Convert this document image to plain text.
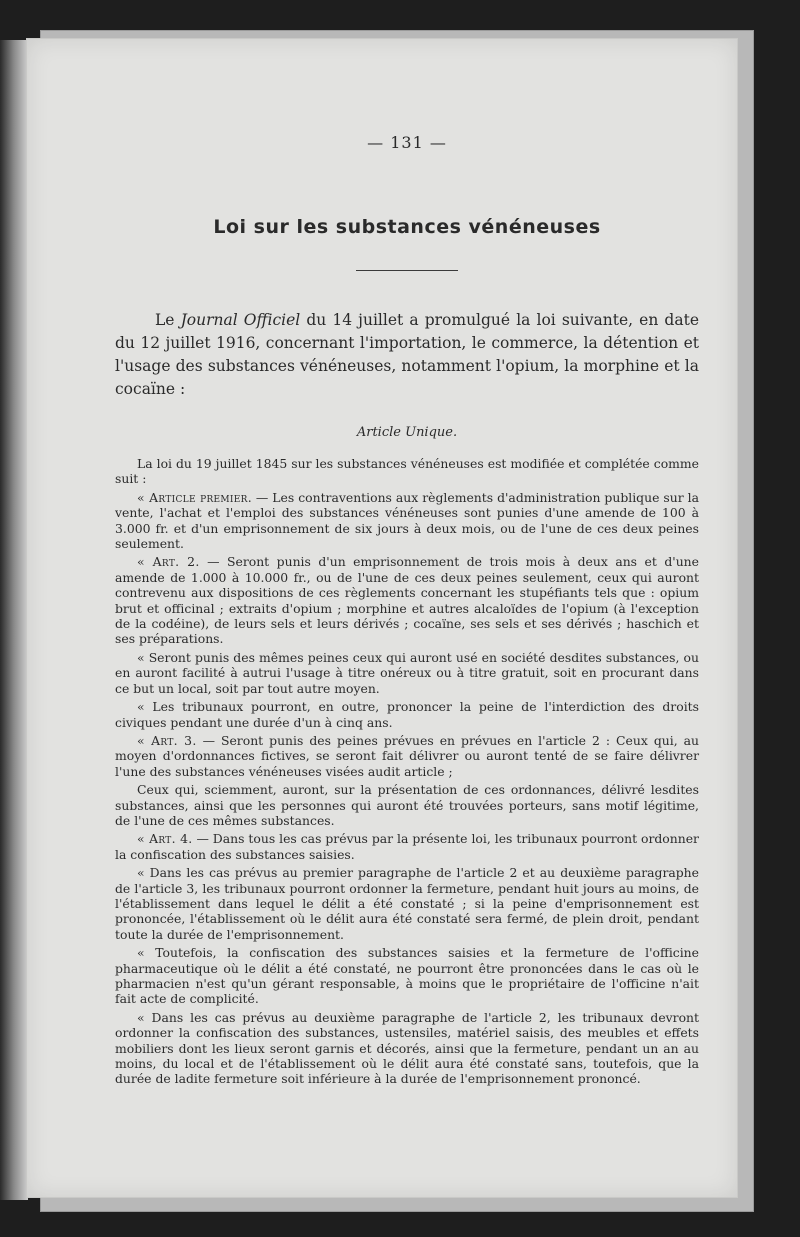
— 131 —
Loi sur les substances vénéneuses

Le Journal Officiel du 14 juillet a promulgué la loi suivante, en date du 12 juillet 1916, concernant l'importation, le commerce, la détention et l'usage des substances vénéneuses, notamment l'opium, la morphine et la cocaïne :

Article Unique.

La loi du 19 juillet 1845 sur les substances vénéneuses est modifiée et complétée comme suit :

« Article premier. — Les contraventions aux règlements d'administration publique sur la vente, l'achat et l'emploi des substances vénéneuses sont punies d'une amende de 100 à 3.000 fr. et d'un emprisonnement de six jours à deux mois, ou de l'une de ces deux peines seulement.

« Art. 2. — Seront punis d'un emprisonnement de trois mois à deux ans et d'une amende de 1.000 à 10.000 fr., ou de l'une de ces deux peines seulement, ceux qui auront contrevenu aux dispositions de ces règlements concernant les stupéfiants tels que : opium brut et officinal ; extraits d'opium ; morphine et autres alcaloïdes de l'opium (à l'exception de la codéine), de leurs sels et leurs dérivés ; cocaïne, ses sels et ses dérivés ; haschich et ses préparations.

« Seront punis des mêmes peines ceux qui auront usé en société desdites substances, ou en auront facilité à autrui l'usage à titre onéreux ou à titre gratuit, soit en procurant dans ce but un local, soit par tout autre moyen.

« Les tribunaux pourront, en outre, prononcer la peine de l'interdiction des droits civiques pendant une durée d'un à cinq ans.

« Art. 3. — Seront punis des peines prévues en prévues en l'article 2 : Ceux qui, au moyen d'ordonnances fictives, se seront fait délivrer ou auront tenté de se faire délivrer l'une des substances vénéneuses visées audit article ;

Ceux qui, sciemment, auront, sur la présentation de ces ordonnances, délivré lesdites substances, ainsi que les personnes qui auront été trouvées porteurs, sans motif légitime, de l'une de ces mêmes substances.

« Art. 4. — Dans tous les cas prévus par la présente loi, les tribunaux pourront ordonner la confiscation des substances saisies.

« Dans les cas prévus au premier paragraphe de l'article 2 et au deuxième paragraphe de l'article 3, les tribunaux pourront ordonner la fermeture, pendant huit jours au moins, de l'établissement dans lequel le délit a été constaté ; si la peine d'emprisonnement est prononcée, l'établissement où le délit aura été constaté sera fermé, de plein droit, pendant toute la durée de l'emprisonnement.

« Toutefois, la confiscation des substances saisies et la fermeture de l'officine pharmaceutique où le délit a été constaté, ne pourront être prononcées dans le cas où le pharmacien n'est qu'un gérant responsable, à moins que le propriétaire de l'officine n'ait fait acte de complicité.

« Dans les cas prévus au deuxième paragraphe de l'article 2, les tribunaux devront ordonner la confiscation des substances, ustensiles, matériel saisis, des meubles et effets mobiliers dont les lieux seront garnis et décorés, ainsi que la fermeture, pendant un an au moins, du local et de l'établissement où le délit aura été constaté sans, toutefois, que la durée de ladite fermeture soit inférieure à la durée de l'emprisonnement prononcé.
